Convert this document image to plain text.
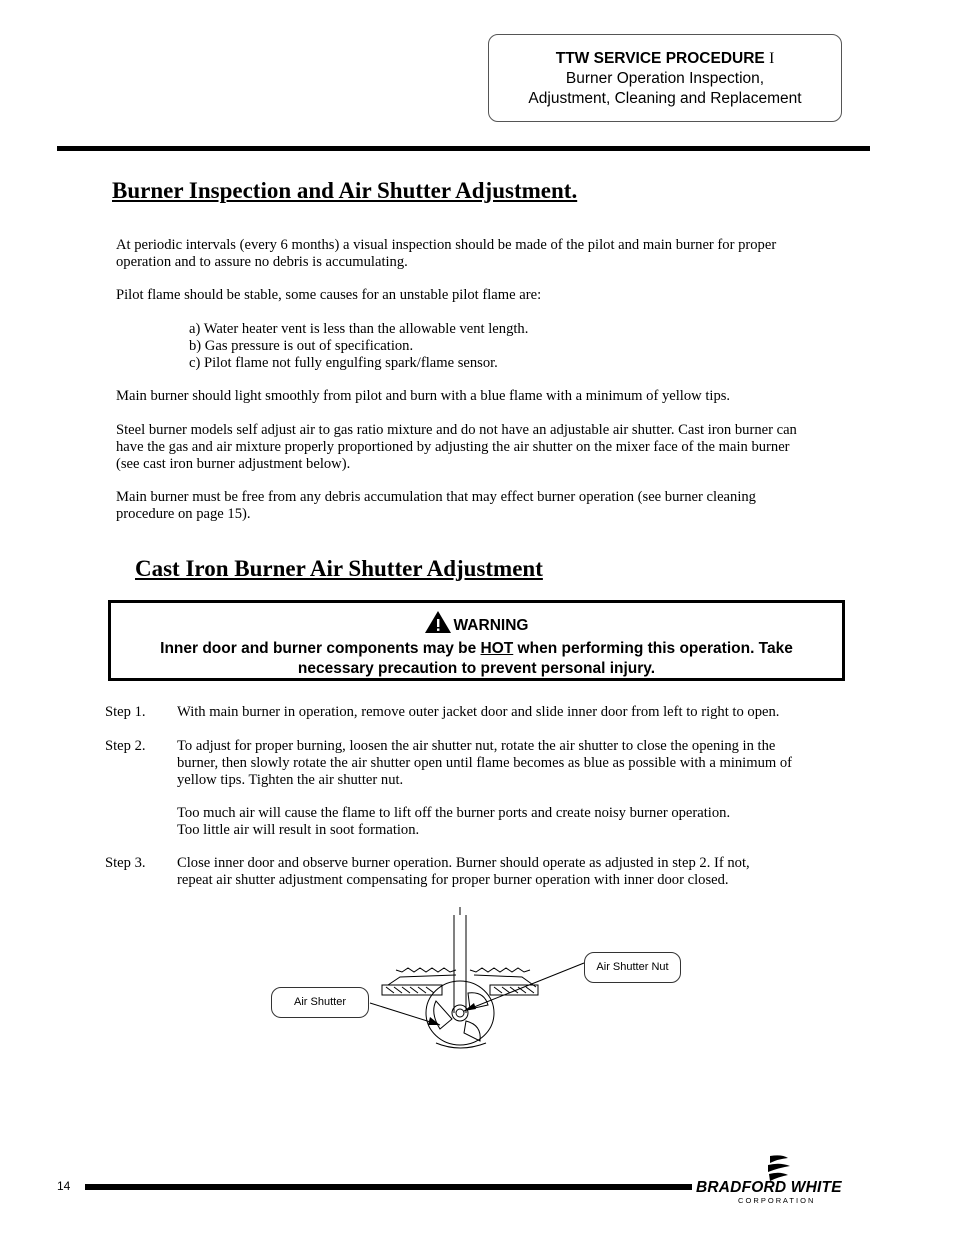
TTW SERVICE PROCEDURE I
Burner Operation Inspection,
Adjustment, Cleaning and Replacement
Burner Inspection and Air Shutter Adjustment.
At periodic intervals (every 6 months) a visual inspection should be made of the pilot and main burner for proper
operation and to assure no debris is accumulating.
Pilot flame should be stable, some causes for an unstable pilot flame are:
a) Water heater vent is less than the allowable vent length.
b) Gas pressure is out of specification.
c) Pilot flame not fully engulfing spark/flame sensor.
Main burner should light smoothly from pilot and burn with a blue flame with a minimum of yellow tips.
Steel burner models self adjust air to gas ratio mixture and do not have an adjustable air shutter. Cast iron burner can
have the gas and air mixture properly proportioned by adjusting the air shutter on the mixer face of the main burner
(see cast iron burner adjustment below).
Main burner must be free from any debris accumulation that may effect burner operation (see burner cleaning
procedure on page 15).
Cast Iron Burner Air Shutter Adjustment
WARNING
Inner door and burner components may be HOT when performing this operation. Take
necessary precaution to prevent personal injury.
Step 1. With main burner in operation, remove outer jacket door and slide inner door from left to right to open.
Step 2. To adjust for proper burning, loosen the air shutter nut, rotate the air shutter to close the opening in the
burner, then slowly rotate the air shutter open until flame becomes as blue as possible with a minimum of
yellow tips. Tighten the air shutter nut.
Too much air will cause the flame to lift off the burner ports and create noisy burner operation.
Too little air will result in soot formation.
Step 3. Close inner door and observe burner operation. Burner should operate as adjusted in step 2. If not,
repeat air shutter adjustment compensating for proper burner operation with inner door closed.
Air Shutter
Air Shutter Nut
14	BRADFORD WHITE
C O R P O R A T I O N
